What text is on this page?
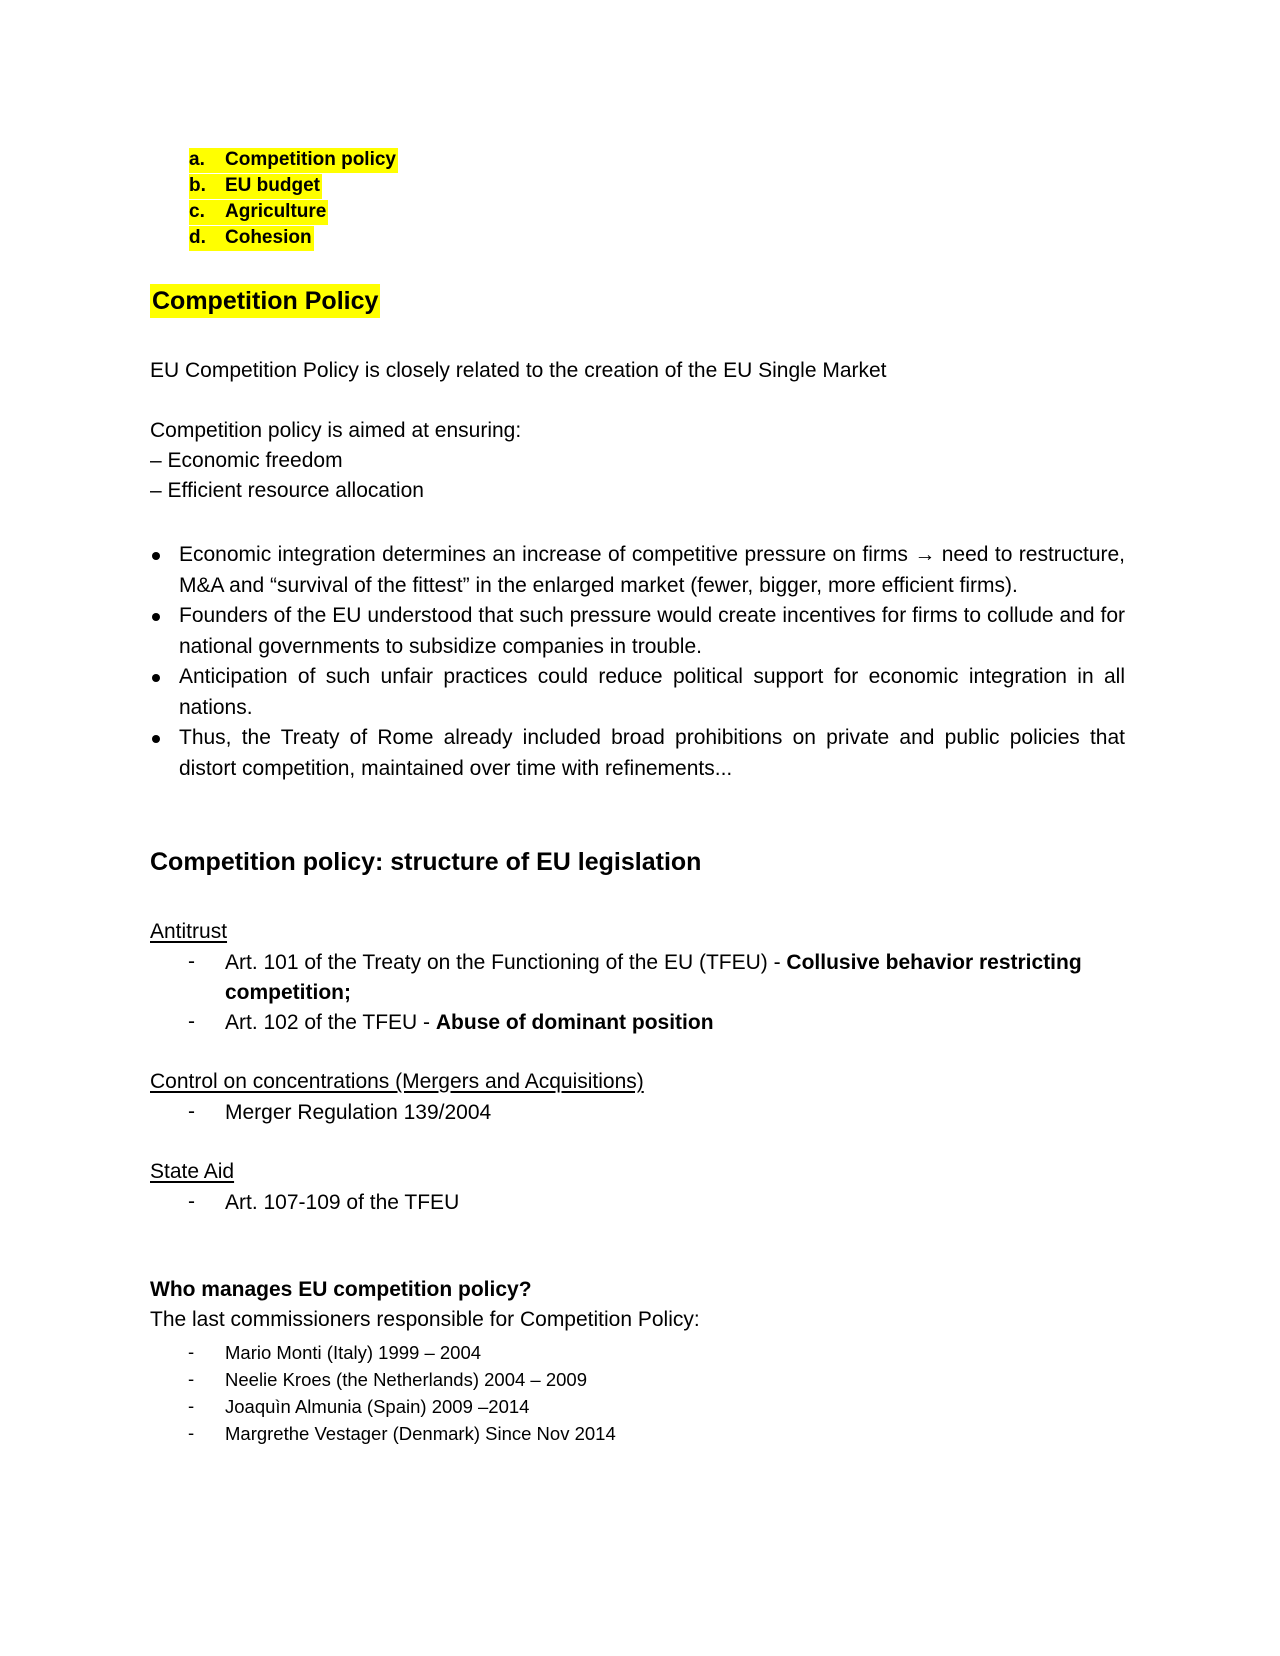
a.	Competition policy
b.	EU budget
c.	Agriculture
d.	Cohesion
Competition Policy
EU Competition Policy is closely related to the creation of the EU Single Market
Competition policy is aimed at ensuring:
– Economic freedom
– Efficient resource allocation
Economic integration determines an increase of competitive pressure on firms → need to restructure, M&A and “survival of the fittest” in the enlarged market (fewer, bigger, more efficient firms).
Founders of the EU understood that such pressure would create incentives for firms to collude and for national governments to subsidize companies in trouble.
Anticipation of such unfair practices could reduce political support for economic integration in all nations.
Thus, the Treaty of Rome already included broad prohibitions on private and public policies that distort competition, maintained over time with refinements...
Competition policy: structure of EU legislation
Antitrust
- Art. 101 of the Treaty on the Functioning of the EU (TFEU) - Collusive behavior restricting
competition;
- Art. 102 of the TFEU - Abuse of dominant position
Control on concentrations (Mergers and Acquisitions)
- Merger Regulation 139/2004
State Aid
- Art. 107-109 of the TFEU
Who manages EU competition policy?
The last commissioners responsible for Competition Policy:
- Mario Monti (Italy) 1999 – 2004
- Neelie Kroes (the Netherlands) 2004 – 2009
- Joaquìn Almunia (Spain) 2009 –2014
- Margrethe Vestager (Denmark) Since Nov 2014
